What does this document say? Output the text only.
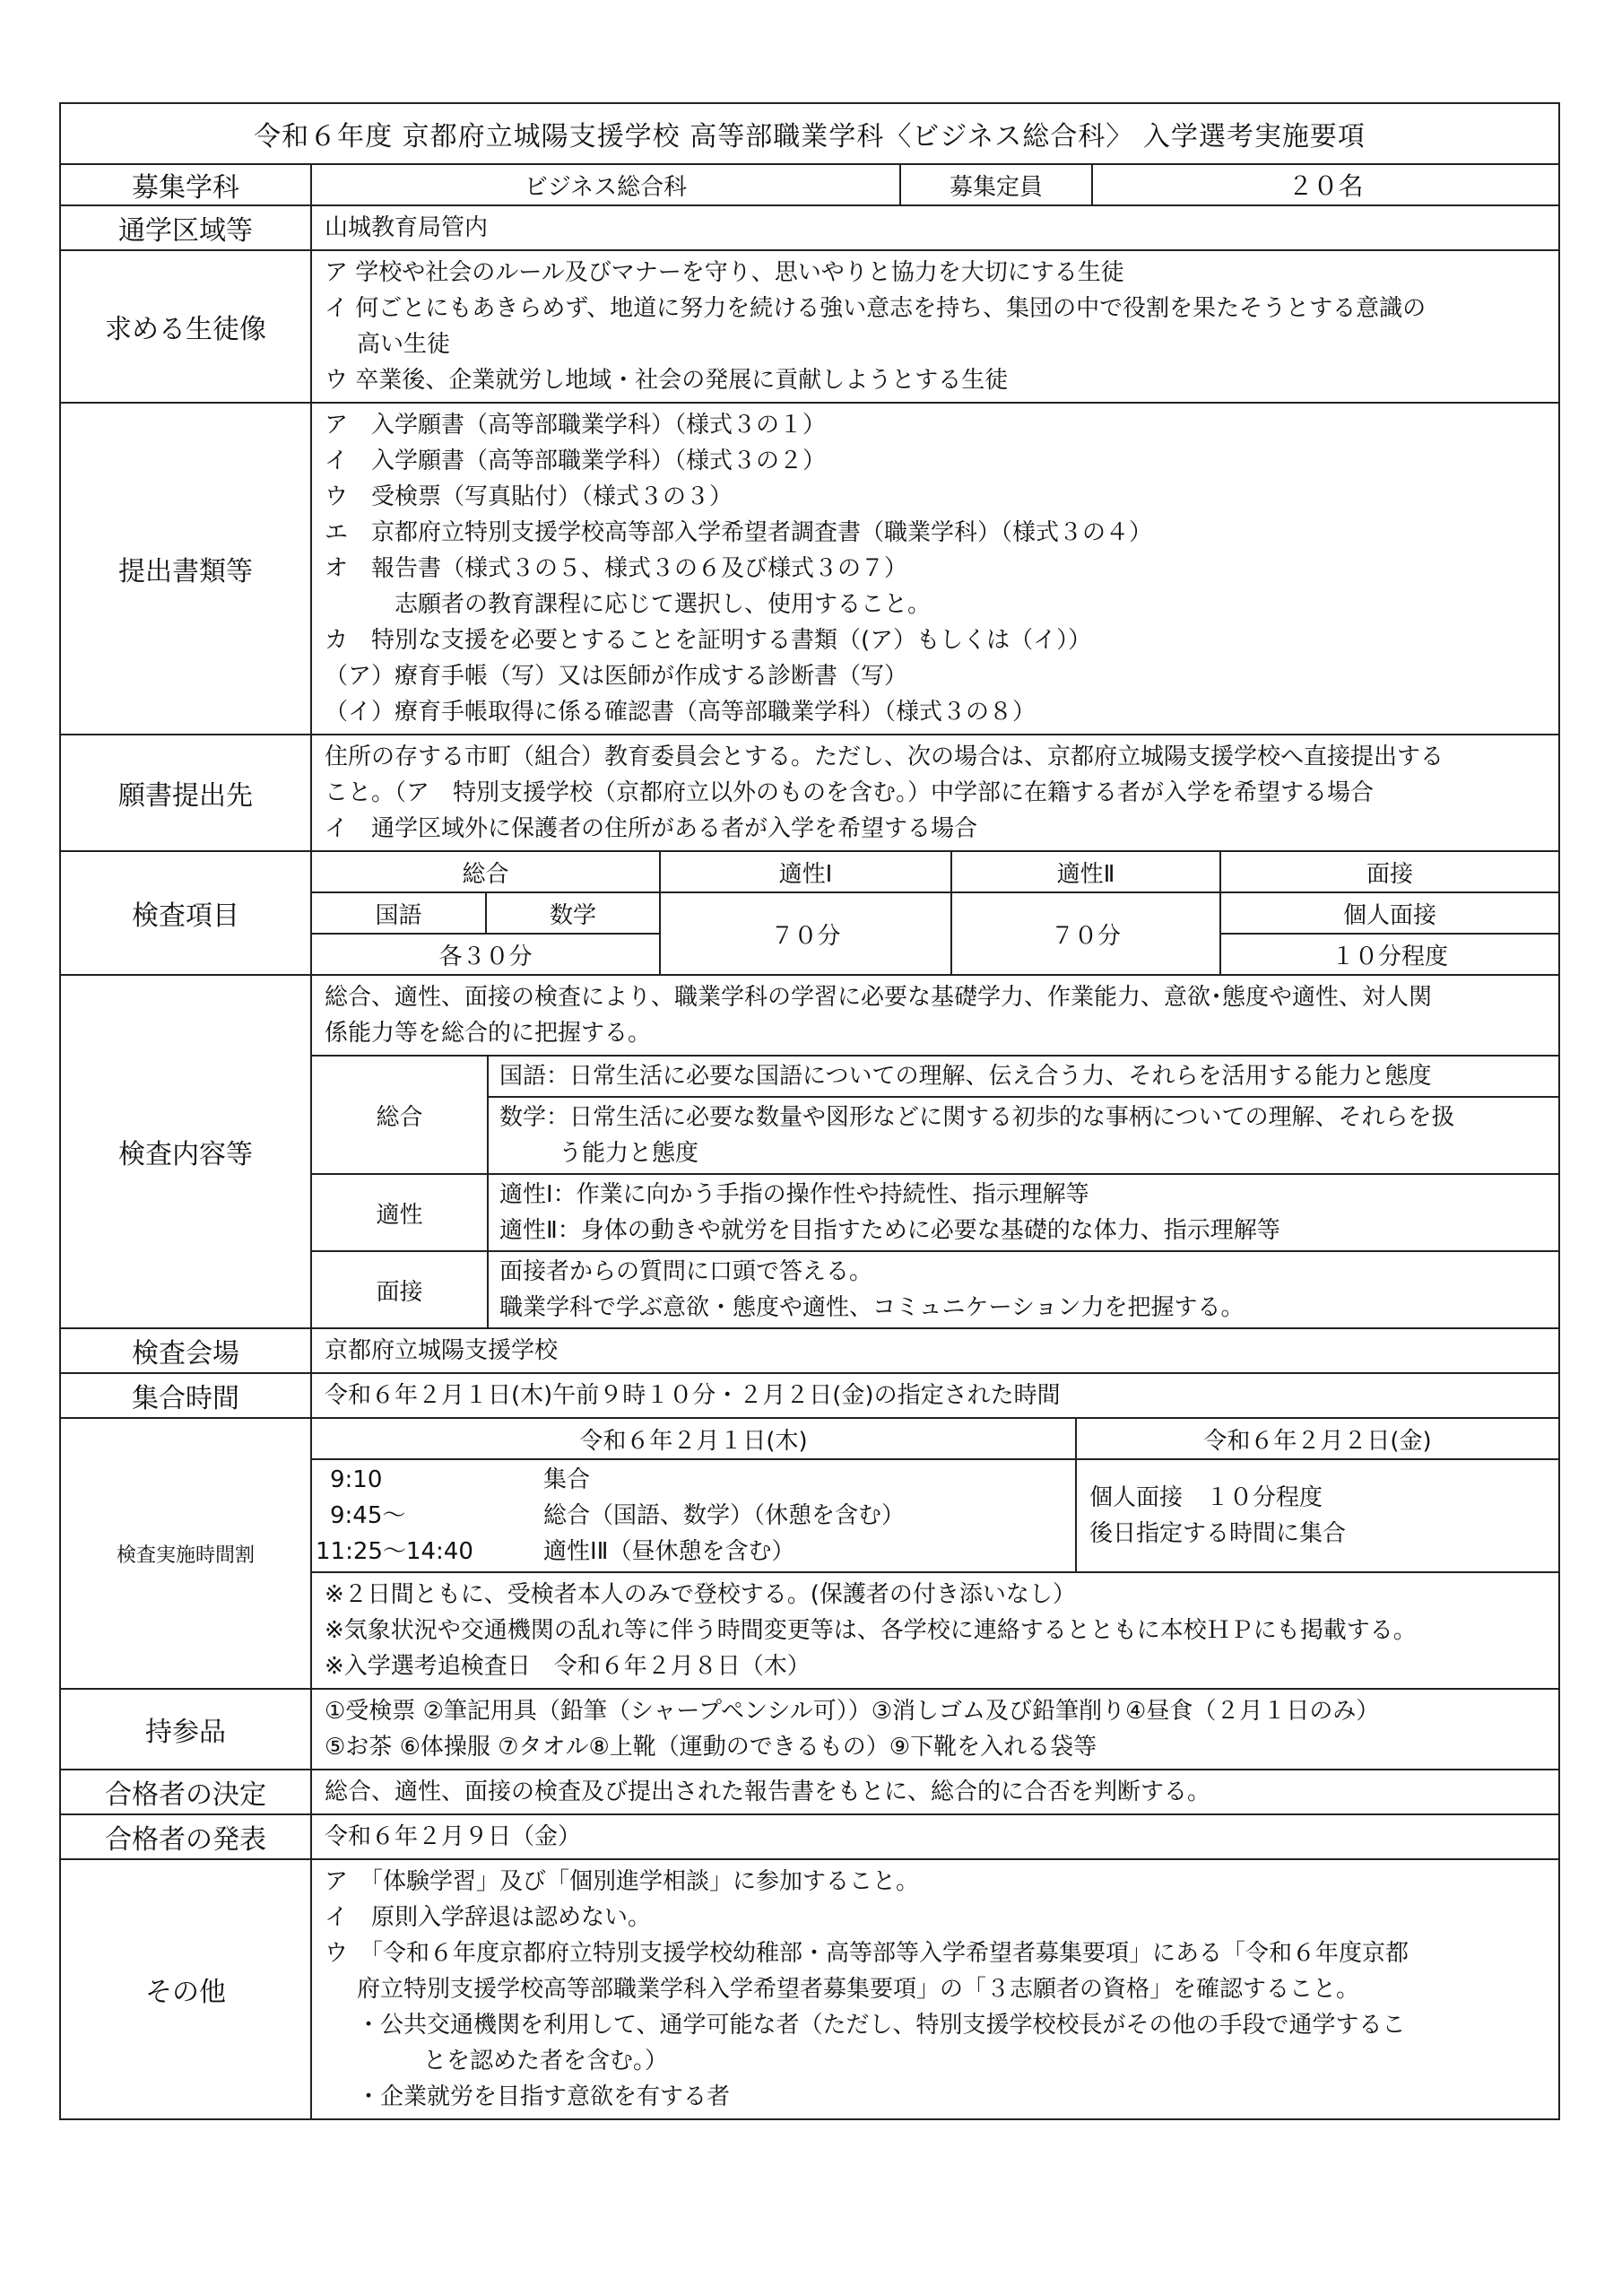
令和６年度 京都府立城陽支援学校 高等部職業学科〈ビジネス総合科〉 入学選考実施要項
募集学科		ビジネス総合科	募集定員	２０名

通学区域等	山城教育局管内
求める生徒像	
ア 学校や社会のルール及びマナーを守り、思いやりと協力を大切にする生徒
イ 何ごとにもあきらめず、地道に努力を続ける強い意志を持ち、集団の中で役割を果たそうとする意識の
高い生徒
ウ 卒業後、企業就労し地域・社会の発展に貢献しようとする生徒

提出書類等	
ア　入学願書（高等部職業学科）（様式３の１）
イ　入学願書（高等部職業学科）（様式３の２）
ウ　受検票（写真貼付）（様式３の３）
エ　京都府立特別支援学校高等部入学希望者調査書（職業学科）（様式３の４）
オ　報告書（様式３の５、様式３の６及び様式３の７）
志願者の教育課程に応じて選択し、使用すること。
カ　特別な支援を必要とすることを証明する書類（(ア）もしくは（イ））
（ア）療育手帳（写）又は医師が作成する診断書（写）
（イ）療育手帳取得に係る確認書（高等部職業学科）（様式３の８）

願書提出先	
住所の存する市町（組合）教育委員会とする。ただし、次の場合は、京都府立城陽支援学校へ直接提出する
こと。（ア　特別支援学校（京都府立以外のものを含む。）中学部に在籍する者が入学を希望する場合
イ　通学区域外に保護者の住所がある者が入学を希望する場合

検査項目	
総合	適性Ⅰ	適性Ⅱ	面接
国語	数学	７０分	７０分	個人面接
各３０分	１０分程度

検査内容等	
総合、適性、面接の検査により、職業学科の学習に必要な基礎学力、作業能力、意欲･態度や適性、対人関
係能力等を総合的に把握する。
総合	
国語：日常生活に必要な国語についての理解、伝え合う力、それらを活用する能力と態度
数学：日常生活に必要な数量や図形などに関する初歩的な事柄についての理解、それらを扱
う能力と態度

適性	
適性Ⅰ：作業に向かう手指の操作性や持続性、指示理解等
適性Ⅱ：身体の動きや就労を目指すために必要な基礎的な体力、指示理解等

面接	
面接者からの質問に口頭で答える。
職業学科で学ぶ意欲・態度や適性、コミュニケーション力を把握する。

検査会場	京都府立城陽支援学校
集合時間	令和６年２月１日(木)午前９時１０分・２月２日(金)の指定された時間
検査実施時間割	
令和６年２月１日(木)	令和６年２月２日(金)

9:10	集合
9:45～	総合（国語、数学）（休憩を含む）
11:25～14:40	適性ⅠⅡ（昼休憩を含む）

個人面接　１０分程度
後日指定する時間に集合
※２日間ともに、受検者本人のみで登校する。(保護者の付き添いなし）
※気象状況や交通機関の乱れ等に伴う時間変更等は、各学校に連絡するとともに本校ＨＰにも掲載する。
※入学選考追検査日　令和６年２月８日（木）

持参品	
①受検票 ②筆記用具（鉛筆（シャープペンシル可））③消しゴム及び鉛筆削り④昼食（２月１日のみ）
⑤お茶 ⑥体操服 ⑦タオル⑧上靴（運動のできるもの）⑨下靴を入れる袋等

合格者の決定	総合、適性、面接の検査及び提出された報告書をもとに、総合的に合否を判断する。
合格者の発表	令和６年２月９日（金）
その他	
ア　「体験学習」及び「個別進学相談」に参加すること。
イ　原則入学辞退は認めない。
ウ　「令和６年度京都府立特別支援学校幼稚部・高等部等入学希望者募集要項」にある「令和６年度京都
府立特別支援学校高等部職業学科入学希望者募集要項」の「３志願者の資格」を確認すること。
・公共交通機関を利用して、通学可能な者（ただし、特別支援学校校長がその他の手段で通学するこ
とを認めた者を含む。）
・企業就労を目指す意欲を有する者
